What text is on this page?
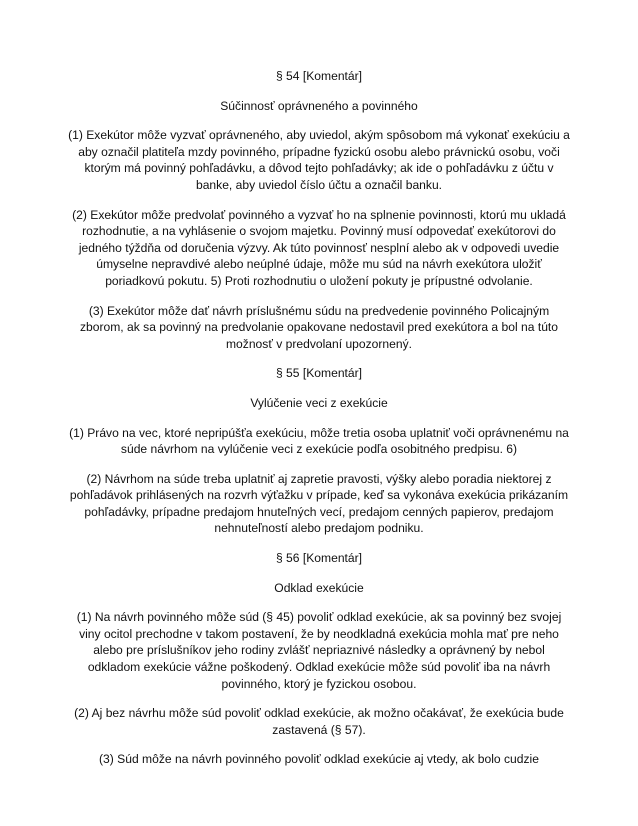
§ 54 [Komentár]

Súčinnosť oprávneného a povinného

(1) Exekútor môže vyzvať oprávneného, aby uviedol, akým spôsobom má vykonať exekúciu a aby označil platiteľa mzdy povinného, prípadne fyzickú osobu alebo právnickú osobu, voči ktorým má povinný pohľadávku, a dôvod tejto pohľadávky; ak ide o pohľadávku z účtu v banke, aby uviedol číslo účtu a označil banku.

(2) Exekútor môže predvolať povinného a vyzvať ho na splnenie povinnosti, ktorú mu ukladá rozhodnutie, a na vyhlásenie o svojom majetku. Povinný musí odpovedať exekútorovi do jedného týždňa od doručenia výzvy. Ak túto povinnosť nesplní alebo ak v odpovedi uvedie úmyselne nepravdivé alebo neúplné údaje, môže mu súd na návrh exekútora uložiť poriadkovú pokutu. 5) Proti rozhodnutiu o uložení pokuty je prípustné odvolanie.

(3) Exekútor môže dať návrh príslušnému súdu na predvedenie povinného Policajným zborom, ak sa povinný na predvolanie opakovane nedostavil pred exekútora a bol na túto možnosť v predvolaní upozornený.

§ 55 [Komentár]

Vylúčenie veci z exekúcie

(1) Právo na vec, ktoré nepripúšťa exekúciu, môže tretia osoba uplatniť voči oprávnenému na súde návrhom na vylúčenie veci z exekúcie podľa osobitného predpisu. 6)

(2) Návrhom na súde treba uplatniť aj zapretie pravosti, výšky alebo poradia niektorej z pohľadávok prihlásených na rozvrh výťažku v prípade, keď sa vykonáva exekúcia prikázaním pohľadávky, prípadne predajom hnuteľných vecí, predajom cenných papierov, predajom nehnuteľností alebo predajom podniku.

§ 56 [Komentár]

Odklad exekúcie

(1) Na návrh povinného môže súd (§ 45) povoliť odklad exekúcie, ak sa povinný bez svojej viny ocitol prechodne v takom postavení, že by neodkladná exekúcia mohla mať pre neho alebo pre príslušníkov jeho rodiny zvlášť nepriaznivé následky a oprávnený by nebol odkladom exekúcie vážne poškodený. Odklad exekúcie môže súd povoliť iba na návrh povinného, ktorý je fyzickou osobou.

(2) Aj bez návrhu môže súd povoliť odklad exekúcie, ak možno očakávať, že exekúcia bude zastavená (§ 57).

(3) Súd môže na návrh povinného povoliť odklad exekúcie aj vtedy, ak bolo cudzie
